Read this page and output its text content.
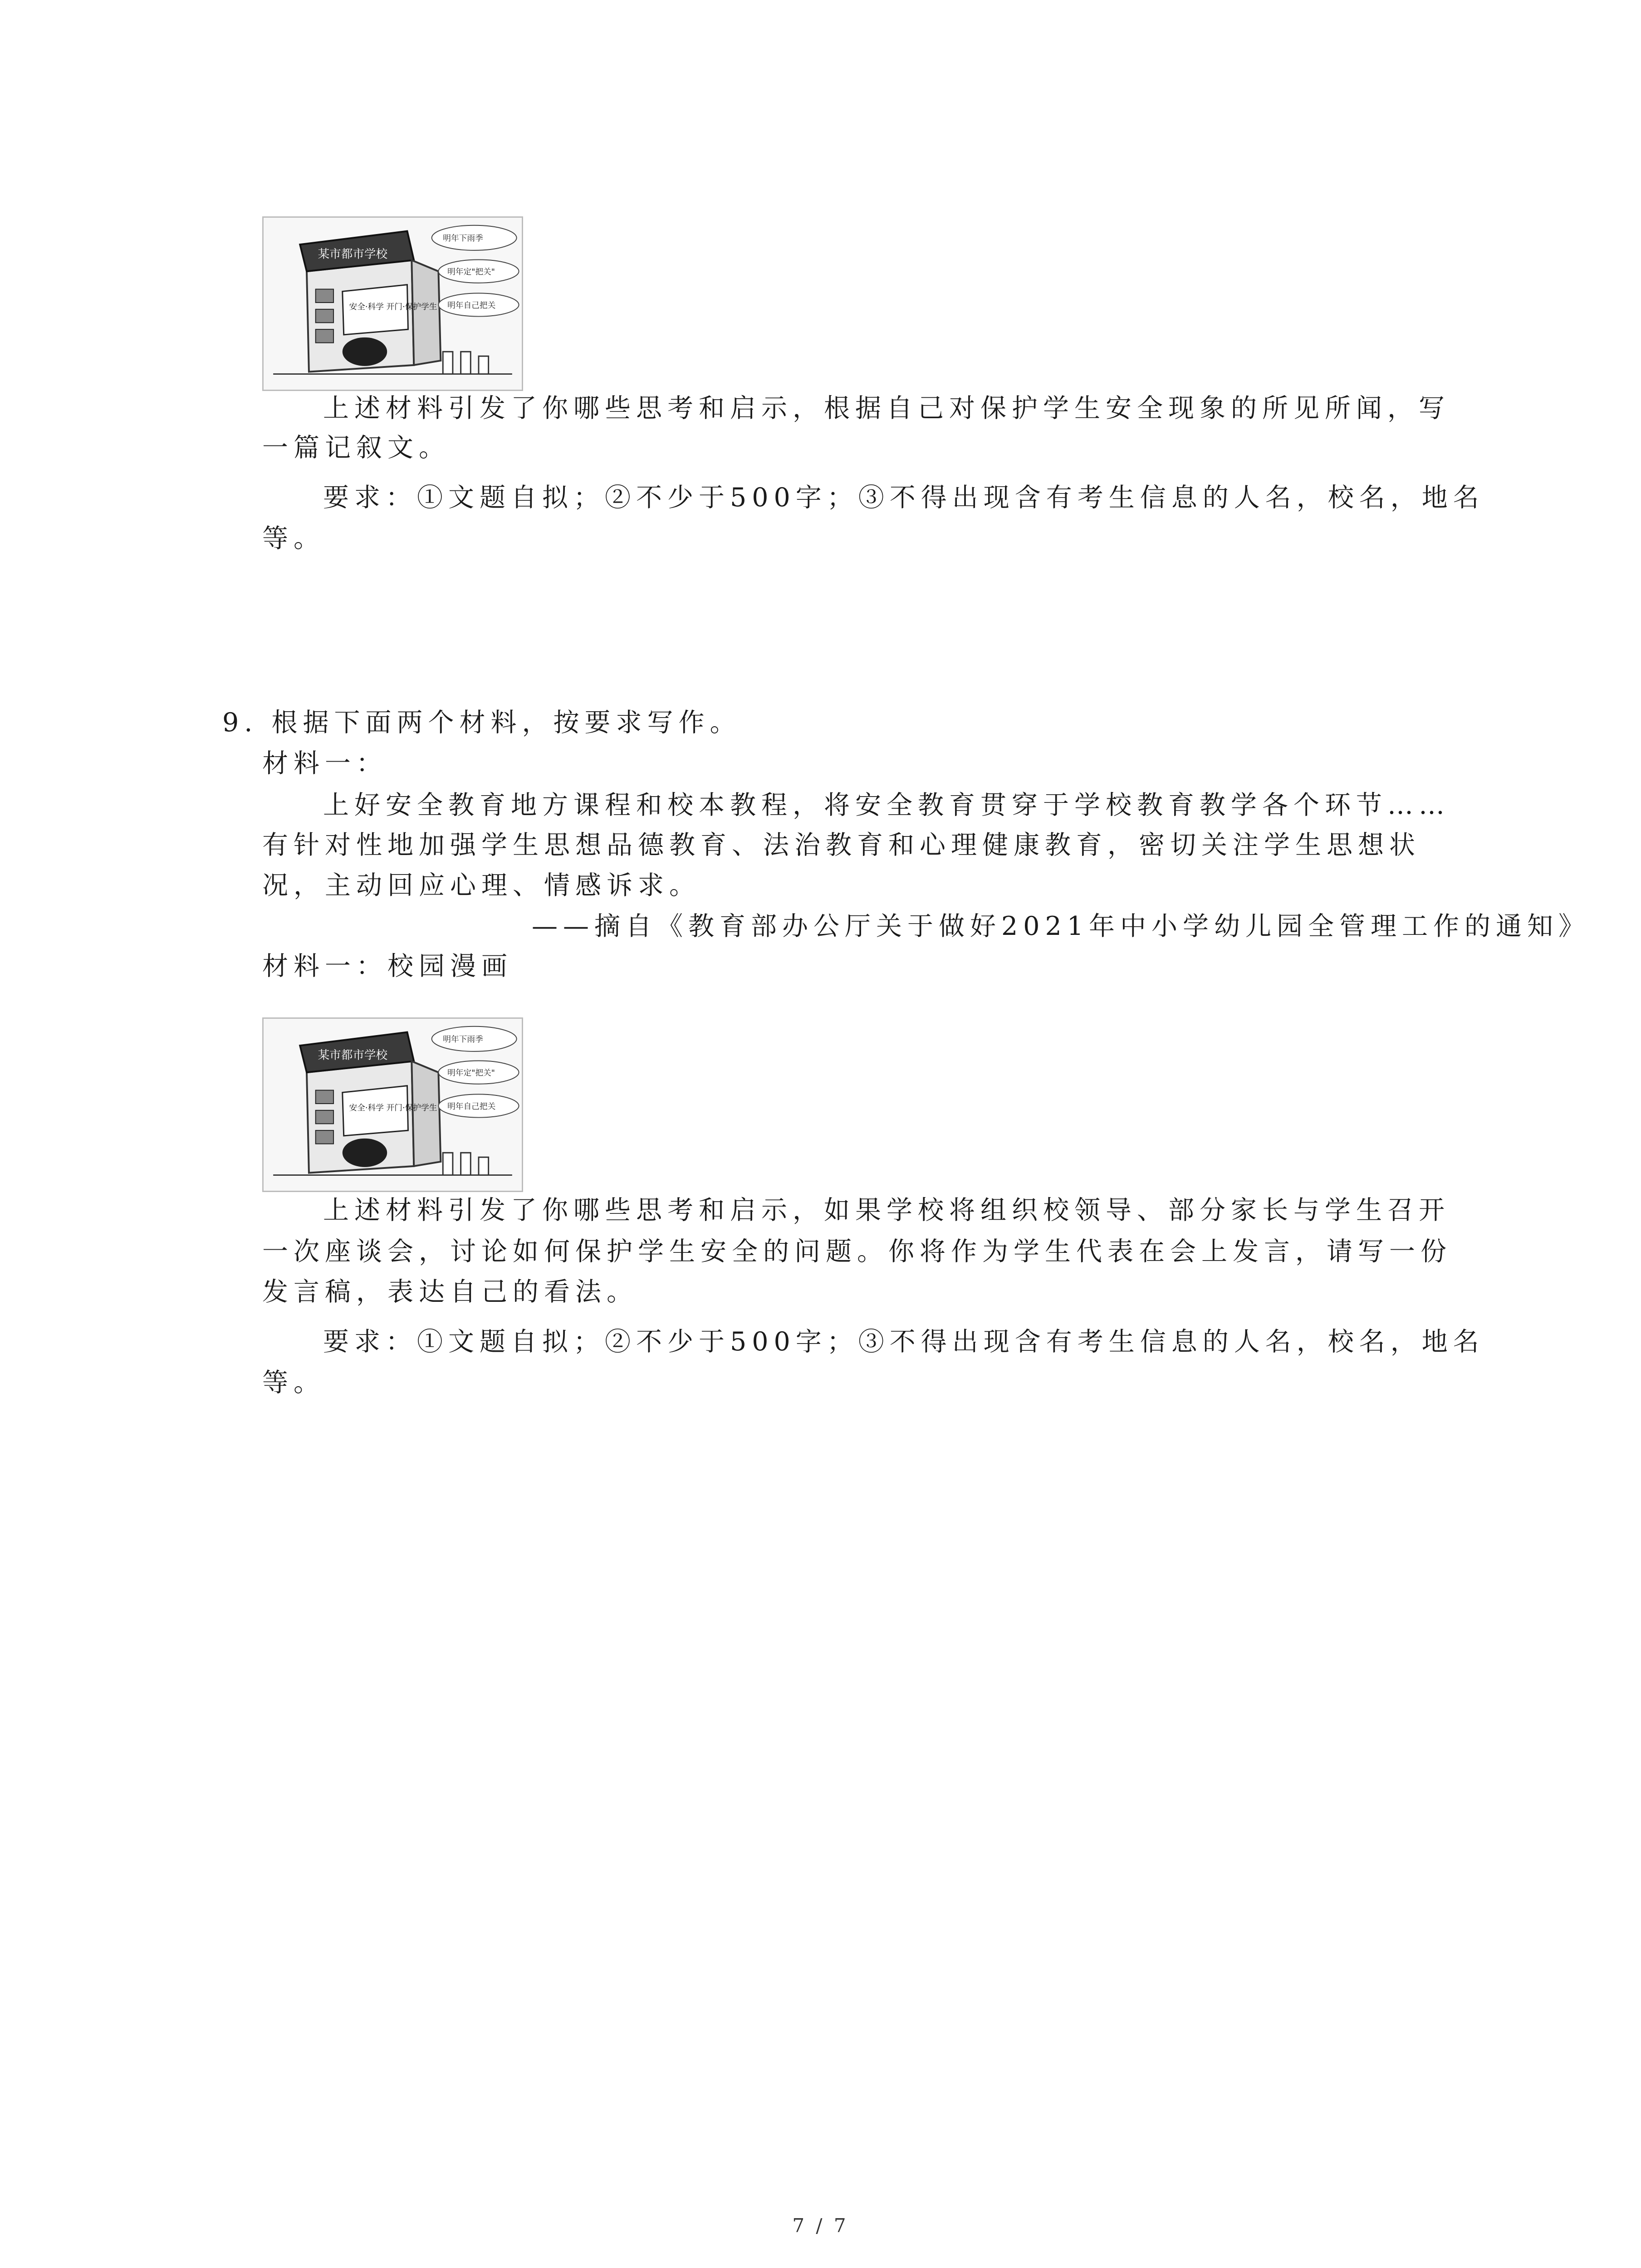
某市都市学校
安全·科学 开门·保护学生
明年下雨季
明年定"把关"
明年自己把关
上述材料引发了你哪些思考和启示，根据自己对保护学生安全现象的所见所闻，写
一篇记叙文。
要求：①文题自拟；②不少于500字；③不得出现含有考生信息的人名，校名，地名
等。
9. 根据下面两个材料，按要求写作。
材料一：
上好安全教育地方课程和校本教程，将安全教育贯穿于学校教育教学各个环节……
有针对性地加强学生思想品德教育、法治教育和心理健康教育，密切关注学生思想状
况，主动回应心理、情感诉求。
——摘自《教育部办公厅关于做好2021年中小学幼儿园全管理工作的通知》
材料一：校园漫画
某市都市学校
安全·科学 开门·保护学生
明年下雨季
明年定"把关"
明年自己把关
上述材料引发了你哪些思考和启示，如果学校将组织校领导、部分家长与学生召开
一次座谈会，讨论如何保护学生安全的问题。你将作为学生代表在会上发言，请写一份
发言稿，表达自己的看法。
要求：①文题自拟；②不少于500字；③不得出现含有考生信息的人名，校名，地名
等。
7 / 7
